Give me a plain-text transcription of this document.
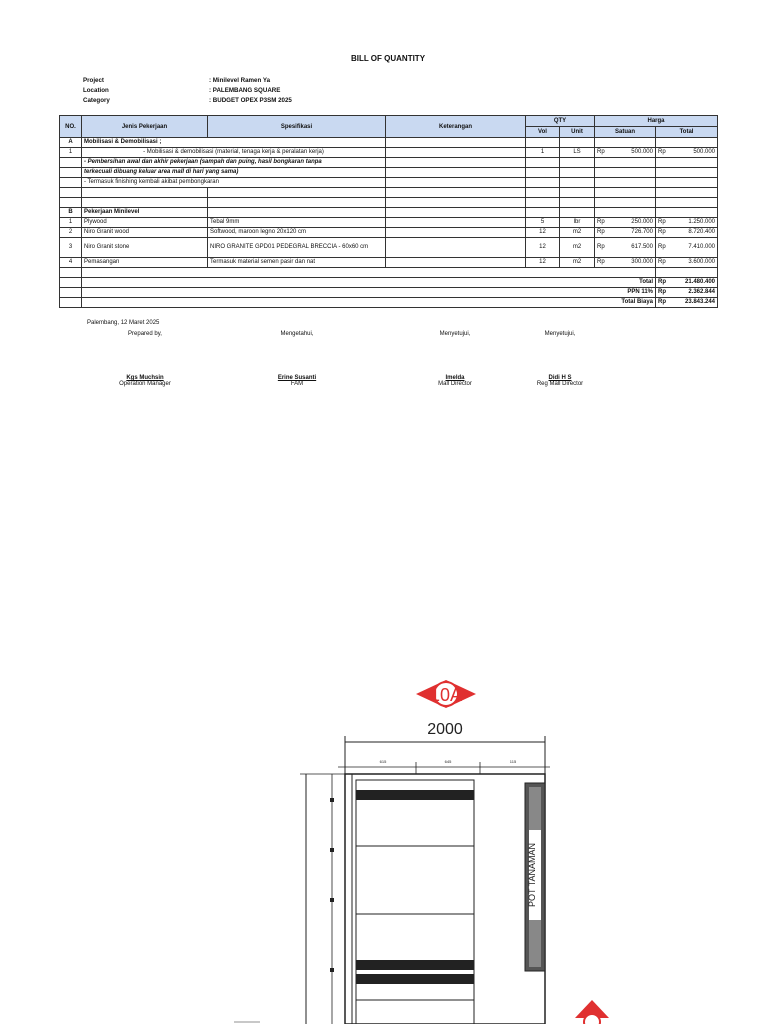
BILL OF QUANTITY
Project	: Minilevel Ramen Ya
Location	: PALEMBANG SQUARE
Category	: BUDGET OPEX P3SM 2025
NO.	Jenis Pekerjaan	Spesifikasi	Keterangan	QTY		Harga			
				Vol	Unit	Satuan		Total	
A	Mobilisasi & Demobilisasi ;								
1	- Mobilisasi & demobilisasi (material, tenaga kerja & peralatan kerja)			1	LS	Rp	500.000	Rp	500.000
	- Pembersihan awal dan akhir pekerjaan (sampah dan puing, hasil bongkaran tanpa								
	terkecuali dibuang keluar area mall di hari yang sama)								
	- Termasuk finishing kembali akibat pembongkaran								

B	Pekerjaan Minilevel								
1	Plywood	Tebal 9mm		5	lbr	Rp	250.000	Rp	1.250.000
2	Niro Granit wood	Softwood, maroon legno 20x120 cm		12	m2	Rp	726.700	Rp	8.720.400
3	Niro Granit stone	NIRO GRANITE GPD01 PEDEGRAL BRECCIA - 60x60 cm		12	m2	Rp	617.500	Rp	7.410.000
4	Pemasangan	Termasuk material semen pasir dan nat		12	m2	Rp	300.000	Rp	3.600.000

	Total							Rp	21.480.400
	PPN 11%							Rp	2.362.844
	Total Biaya							Rp	23.843.244
Palembang, 12 Maret 2025
Prepared by,
Kgs Muchsin
Operation Manager
Mengetahui,
Erine Susanti
FAM
Menyetujui,
Imelda
Mall Director
Menyetujui,
Didi H S
Reg Mall Director
10A
2000
615	645	115
POT TANAMAN
